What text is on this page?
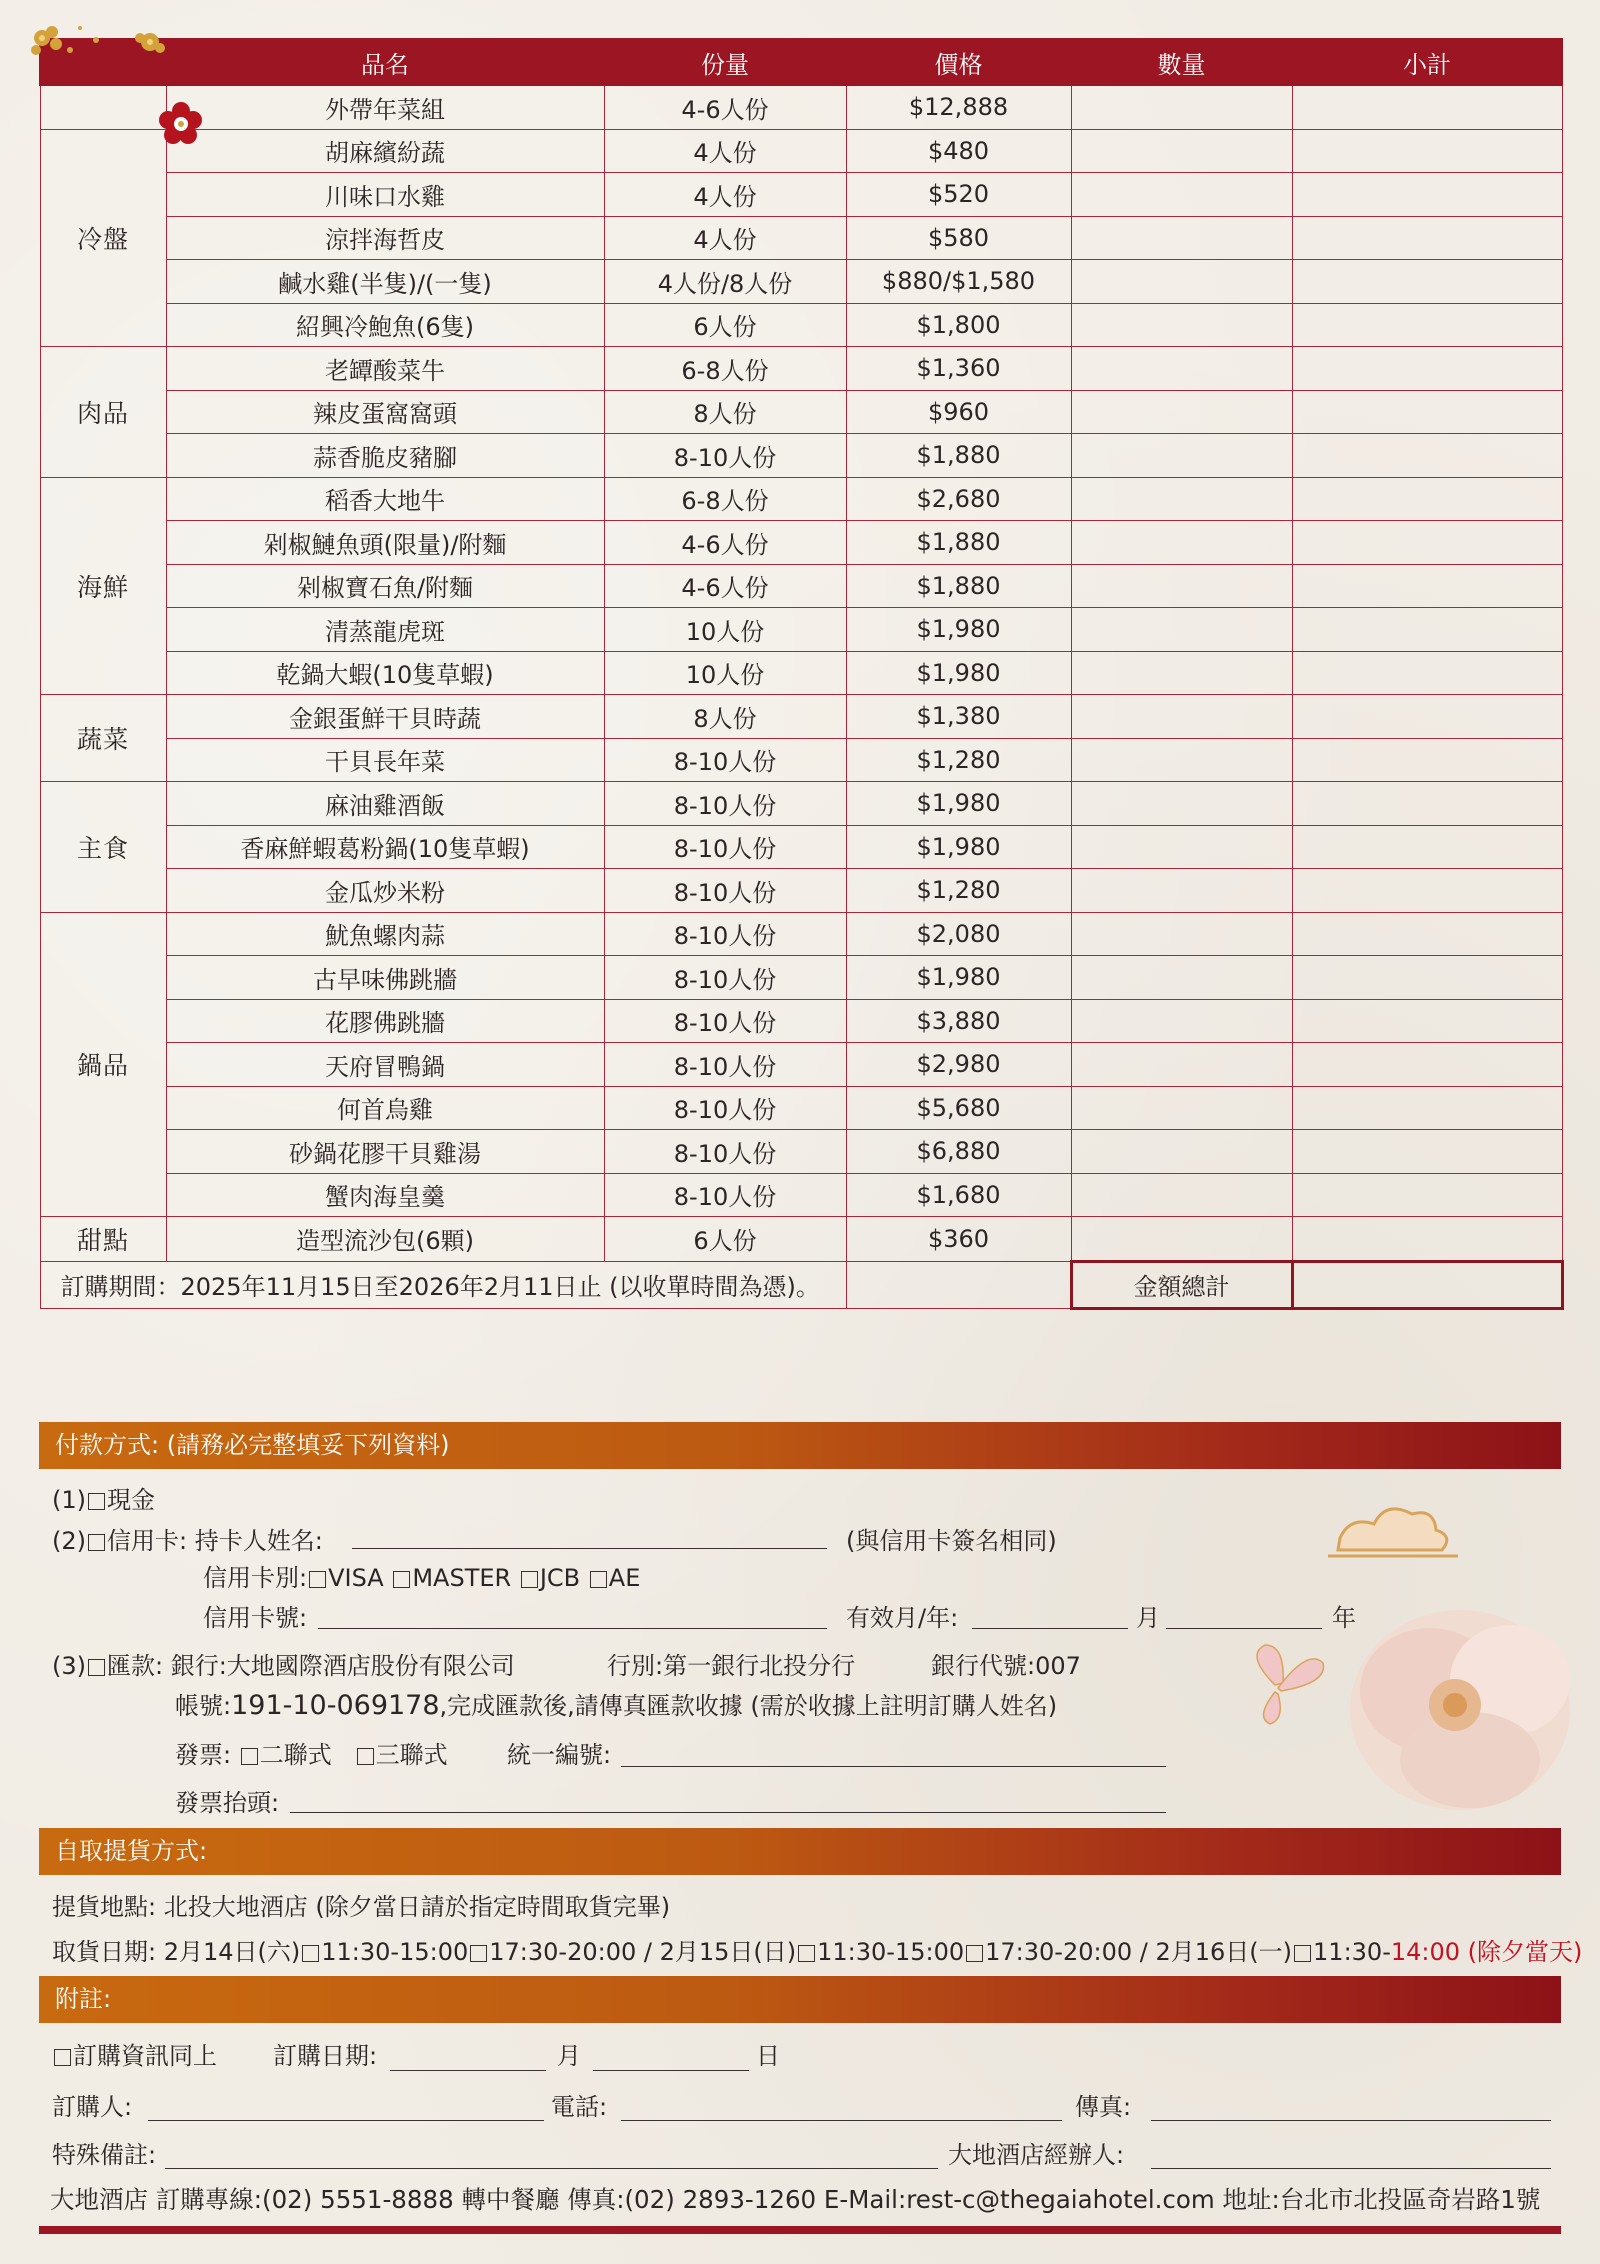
	品名	份量	價格	數量	小計
	外帶年菜組	4-6人份	$12,888		
冷盤	胡麻繽紛蔬	4人份	$480		
	川味口水雞	4人份	$520		
	涼拌海哲皮	4人份	$580		
	鹹水雞(半隻)/(一隻)	4人份/8人份	$880/$1,580		
	紹興冷鮑魚(6隻)	6人份	$1,800		
肉品	老罈酸菜牛	6-8人份	$1,360		
	辣皮蛋窩窩頭	8人份	$960		
	蒜香脆皮豬腳	8-10人份	$1,880		
海鮮	稻香大地牛	6-8人份	$2,680		
	剁椒鰱魚頭(限量)/附麵	4-6人份	$1,880		
	剁椒寶石魚/附麵	4-6人份	$1,880		
	清蒸龍虎斑	10人份	$1,980		
	乾鍋大蝦(10隻草蝦)	10人份	$1,980		
蔬菜	金銀蛋鮮干貝時蔬	8人份	$1,380		
	干貝長年菜	8-10人份	$1,280		
主食	麻油雞酒飯	8-10人份	$1,980		
	香麻鮮蝦葛粉鍋(10隻草蝦)	8-10人份	$1,980		
	金瓜炒米粉	8-10人份	$1,280		
鍋品	魷魚螺肉蒜	8-10人份	$2,080		
	古早味佛跳牆	8-10人份	$1,980		
	花膠佛跳牆	8-10人份	$3,880		
	天府冒鴨鍋	8-10人份	$2,980		
	何首烏雞	8-10人份	$5,680		
	砂鍋花膠干貝雞湯	8-10人份	$6,880		
	蟹肉海皇羹	8-10人份	$1,680		
甜點	造型流沙包(6顆)	6人份	$360		
訂購期間：2025年11月15日至2026年2月11日止 (以收單時間為憑)。				金額總計	
付款方式: (請務必完整填妥下列資料)
(1) 現金
(2) 信用卡: 持卡人姓名:	(與信用卡簽名相同)
信用卡別: VISA MASTER JCB AE
信用卡號:	有效月/年:	月	年
(3) 匯款: 銀行:大地國際酒店股份有限公司	行別:第一銀行北投分行	銀行代號:007
帳號:191-10-069178,完成匯款後,請傳真匯款收據 (需於收據上註明訂購人姓名)
發票: 二聯式 三聯式 統一編號:
發票抬頭:
自取提貨方式:
提貨地點: 北投大地酒店 (除夕當日請於指定時間取貨完畢)
取貨日期: 2月14日(六) 11:30-15:00 17:30-20:00 / 2月15日(日) 11:30-15:00 17:30-20:00 / 2月16日(一) 11:30-14:00 (除夕當天)
附註:
訂購資訊同上 訂購日期:	月	日
訂購人:	電話:	傳真:
特殊備註:	大地酒店經辦人:
大地酒店 訂購專線:(02) 5551-8888 轉中餐廳 傳真:(02) 2893-1260 E-Mail:rest-c@thegaiahotel.com 地址:台北市北投區奇岩路1號
